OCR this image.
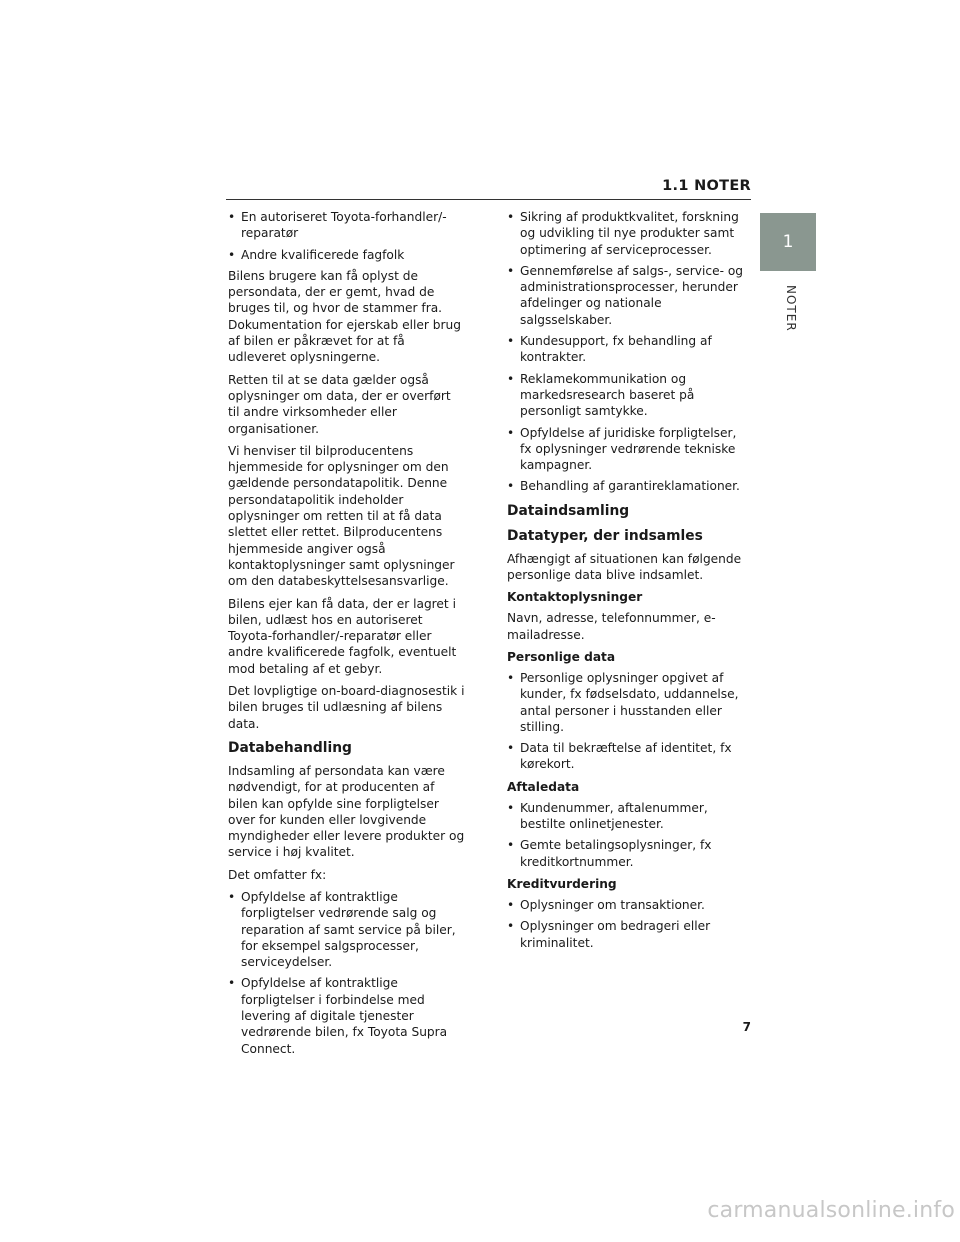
1.1 NOTER
1
NOTER
• En autoriseret Toyota-forhandler/-reparatør
• Andre kvalificerede fagfolk

Bilens brugere kan få oplyst de persondata, der er gemt, hvad de bruges til, og hvor de stammer fra. Dokumentation for ejerskab eller brug af bilen er påkrævet for at få udleveret oplysningerne.

Retten til at se data gælder også oplysninger om data, der er overført til andre virksomheder eller organisationer.

Vi henviser til bilproducentens hjemmeside for oplysninger om den gældende persondatapolitik. Denne persondatapolitik indeholder oplysninger om retten til at få data slettet eller rettet. Bilproducentens hjemmeside angiver også kontaktoplysninger samt oplysninger om den databeskyttelsesansvarlige.

Bilens ejer kan få data, der er lagret i bilen, udlæst hos en autoriseret Toyota-forhandler/-reparatør eller andre kvalificerede fagfolk, eventuelt mod betaling af et gebyr.

Det lovpligtige on-board-diagnosestik i bilen bruges til udlæsning af bilens data.

Databehandling

Indsamling af persondata kan være nødvendigt, for at producenten af bilen kan opfylde sine forpligtelser over for kunden eller lovgivende myndigheder eller levere produkter og service i høj kvalitet.

Det omfatter fx:

• Opfyldelse af kontraktlige forpligtelser vedrørende salg og reparation af samt service på biler, for eksempel salgsprocesser, serviceydelser.
• Opfyldelse af kontraktlige forpligtelser i forbindelse med levering af digitale tjenester vedrørende bilen, fx Toyota Supra Connect.
• Sikring af produktkvalitet, forskning og udvikling til nye produkter samt optimering af serviceprocesser.
• Gennemførelse af salgs-, service- og administrationsprocesser, herunder afdelinger og nationale salgsselskaber.
• Kundesupport, fx behandling af kontrakter.
• Reklamekommunikation og markedsresearch baseret på personligt samtykke.
• Opfyldelse af juridiske forpligtelser, fx oplysninger vedrørende tekniske kampagner.
• Behandling af garantireklamationer.
Dataindsamling
Datatyper, der indsamles

Afhængigt af situationen kan følgende personlige data blive indsamlet.

Kontaktoplysninger

Navn, adresse, telefonnummer, e-mailadresse.

Personlige data
• Personlige oplysninger opgivet af kunder, fx fødselsdato, uddannelse, antal personer i husstanden eller stilling.
• Data til bekræftelse af identitet, fx kørekort.
Aftaledata
• Kundenummer, aftalenummer, bestilte onlinetjenester.
• Gemte betalingsoplysninger, fx kreditkortnummer.
Kreditvurdering
• Oplysninger om transaktioner.
• Oplysninger om bedrageri eller kriminalitet.
7
carmanualsonline.info
